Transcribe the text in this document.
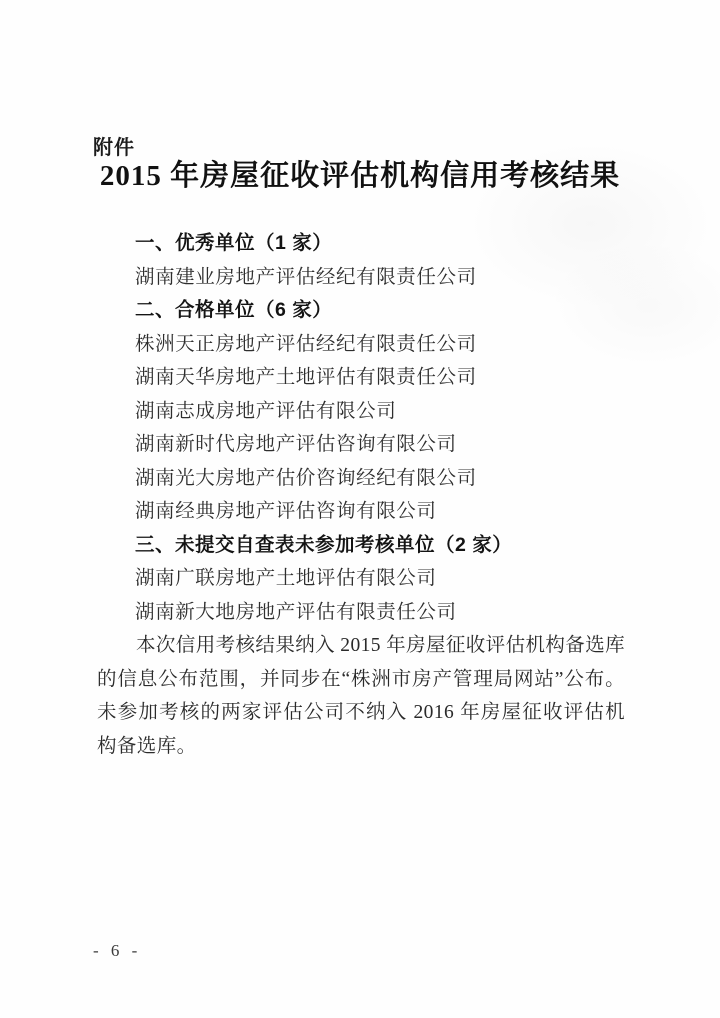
附件
2015 年房屋征收评估机构信用考核结果
一、优秀单位（1 家）
湖南建业房地产评估经纪有限责任公司
二、合格单位（6 家）
株洲天正房地产评估经纪有限责任公司
湖南天华房地产土地评估有限责任公司
湖南志成房地产评估有限公司
湖南新时代房地产评估咨询有限公司
湖南光大房地产估价咨询经纪有限公司
湖南经典房地产评估咨询有限公司
三、未提交自查表未参加考核单位（2 家）
湖南广联房地产土地评估有限公司
湖南新大地房地产评估有限责任公司

本次信用考核结果纳入 2015 年房屋征收评估机构备选库的信息公布范围，并同步在“株洲市房产管理局网站”公布。未参加考核的两家评估公司不纳入 2016 年房屋征收评估机构备选库。

- 6 -
